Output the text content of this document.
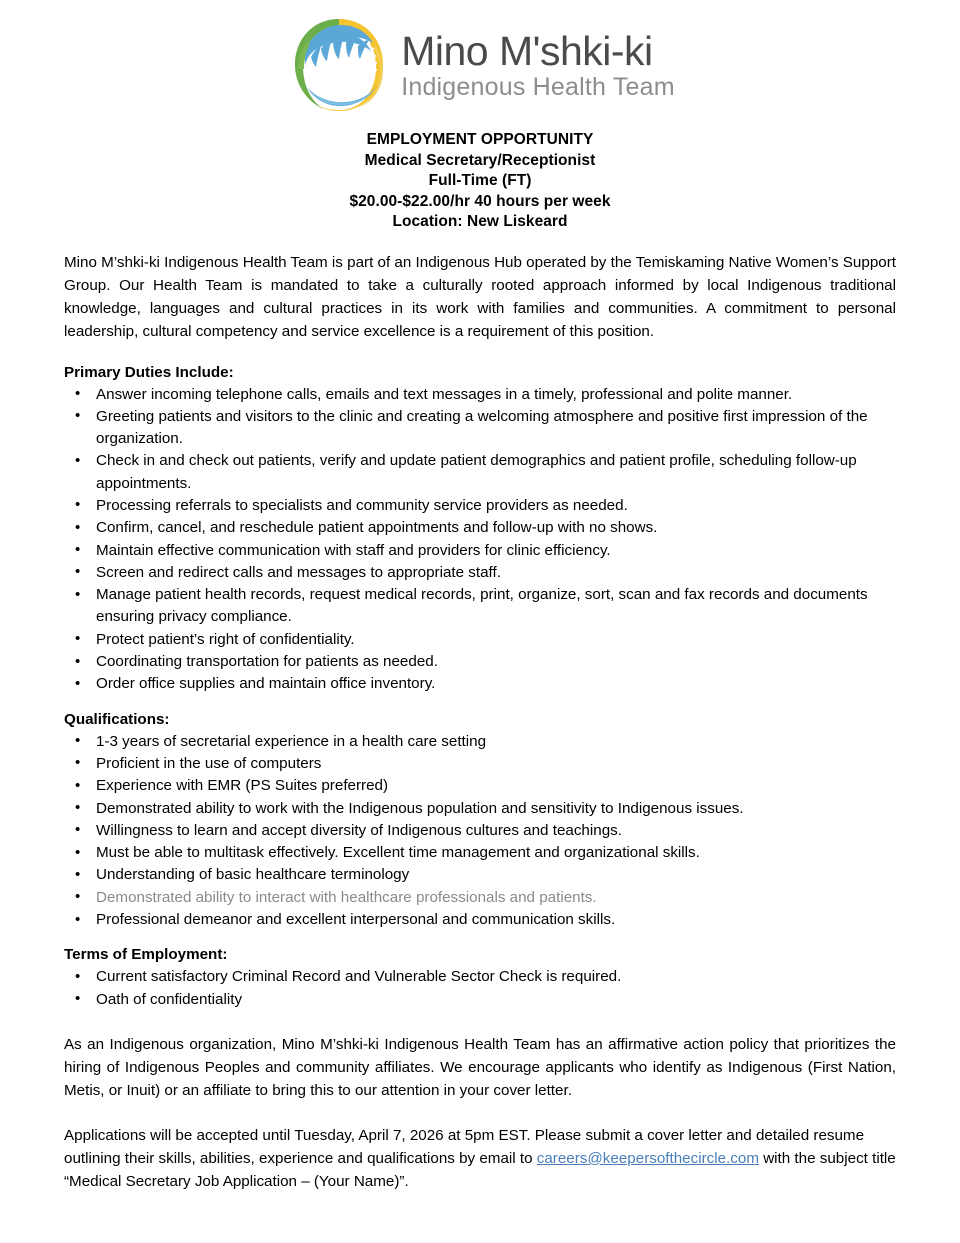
Mino M'shki-ki
Indigenous Health Team
EMPLOYMENT OPPORTUNITY
Medical Secretary/Receptionist
Full-Time (FT)
$20.00-$22.00/hr 40 hours per week
Location: New Liskeard

Mino M’shki-ki Indigenous Health Team is part of an Indigenous Hub operated by the Temiskaming Native Women’s Support Group. Our Health Team is mandated to take a culturally rooted approach informed by local Indigenous traditional knowledge, languages and cultural practices in its work with families and communities. A commitment to personal leadership, cultural competency and service excellence is a requirement of this position.

Primary Duties Include:

• Answer incoming telephone calls, emails and text messages in a timely, professional and polite manner.
• Greeting patients and visitors to the clinic and creating a welcoming atmosphere and positive first impression of the organization.
• Check in and check out patients, verify and update patient demographics and patient profile, scheduling follow-up appointments.
• Processing referrals to specialists and community service providers as needed.
• Confirm, cancel, and reschedule patient appointments and follow-up with no shows.
• Maintain effective communication with staff and providers for clinic efficiency.
• Screen and redirect calls and messages to appropriate staff.
• Manage patient health records, request medical records, print, organize, sort, scan and fax records and documents ensuring privacy compliance.
• Protect patient’s right of confidentiality.
• Coordinating transportation for patients as needed.
• Order office supplies and maintain office inventory.

Qualifications:

• 1-3 years of secretarial experience in a health care setting
• Proficient in the use of computers
• Experience with EMR (PS Suites preferred)
• Demonstrated ability to work with the Indigenous population and sensitivity to Indigenous issues.
• Willingness to learn and accept diversity of Indigenous cultures and teachings.
• Must be able to multitask effectively. Excellent time management and organizational skills.
• Understanding of basic healthcare terminology
• Demonstrated ability to interact with healthcare professionals and patients.
• Professional demeanor and excellent interpersonal and communication skills.

Terms of Employment:

• Current satisfactory Criminal Record and Vulnerable Sector Check is required.
• Oath of confidentiality

As an Indigenous organization, Mino M’shki-ki Indigenous Health Team has an affirmative action policy that prioritizes the hiring of Indigenous Peoples and community affiliates. We encourage applicants who identify as Indigenous (First Nation, Metis, or Inuit) or an affiliate to bring this to our attention in your cover letter.

Applications will be accepted until Tuesday, April 7, 2026 at 5pm EST. Please submit a cover letter and detailed resume outlining their skills, abilities, experience and qualifications by email to careers@keepersofthecircle.com with the subject title “Medical Secretary Job Application – (Your Name)”.
